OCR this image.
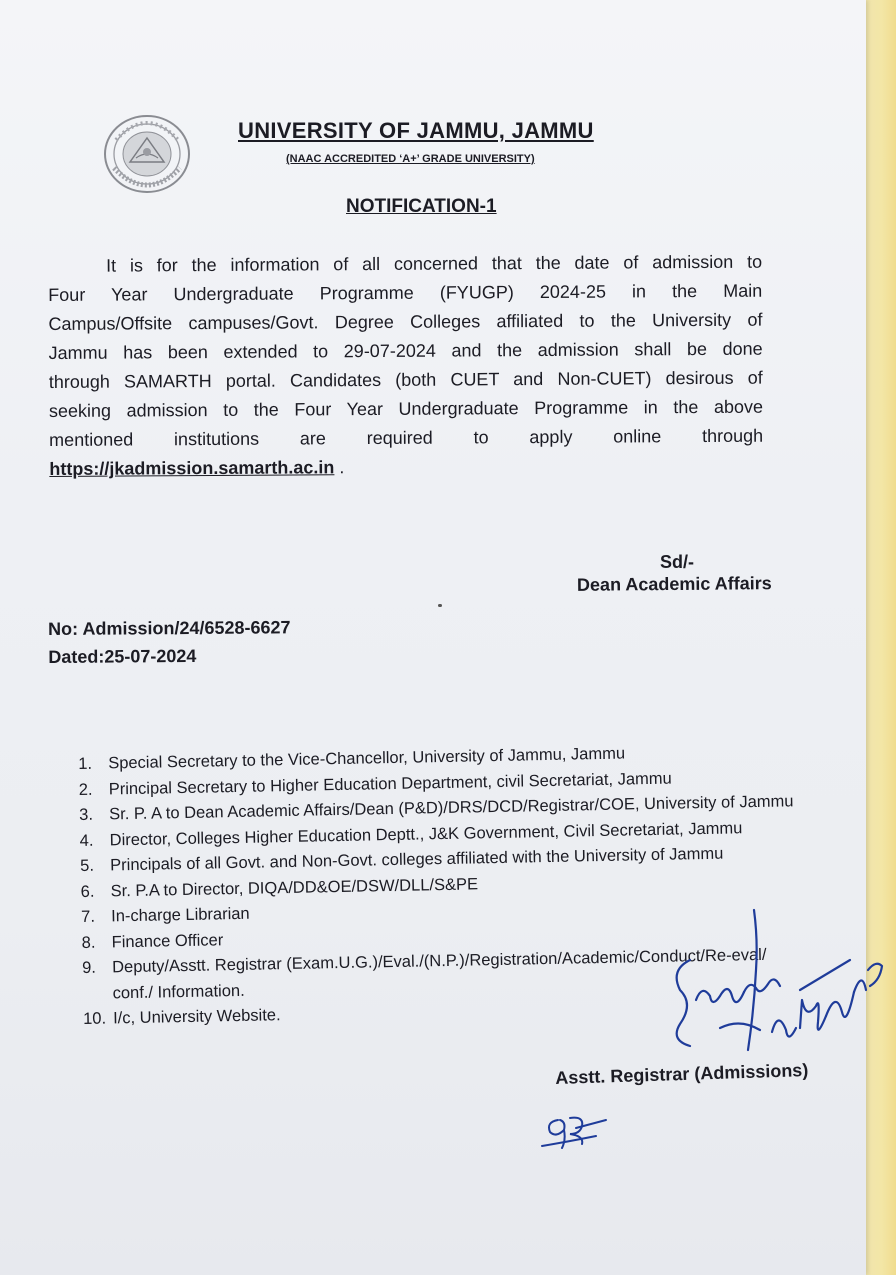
UNIVERSITY OF JAMMU, JAMMU
(NAAC ACCREDITED ‘A+’ GRADE UNIVERSITY)
NOTIFICATION-1
It is for the information of all concerned that the date of admission to
Four Year Undergraduate Programme (FYUGP) 2024-25 in the Main
Campus/Offsite campuses/Govt. Degree Colleges affiliated to the University of
Jammu has been extended to 29-07-2024 and the admission shall be done
through SAMARTH portal. Candidates (both CUET and Non-CUET) desirous of
seeking admission to the Four Year Undergraduate Programme in the above
mentioned institutions are required to apply online through
https://jkadmission.samarth.ac.in .
Sd/-
Dean Academic Affairs
No: Admission/24/6528-6627
Dated:25-07-2024
1. Special Secretary to the Vice-Chancellor, University of Jammu, Jammu
2. Principal Secretary to Higher Education Department, civil Secretariat, Jammu
3. Sr. P. A to Dean Academic Affairs/Dean (P&D)/DRS/DCD/Registrar/COE, University of Jammu
4. Director, Colleges Higher Education Deptt., J&K Government, Civil Secretariat, Jammu
5. Principals of all Govt. and Non-Govt. colleges affiliated with the University of Jammu
6. Sr. P.A to Director, DIQA/DD&OE/DSW/DLL/S&PE
7. In-charge Librarian
8. Finance Officer
9. Deputy/Asstt. Registrar (Exam.U.G.)/Eval./(N.P.)/Registration/Academic/Conduct/Re-eval/ conf./ Information.
10. I/c, University Website.
Asstt. Registrar (Admissions)
